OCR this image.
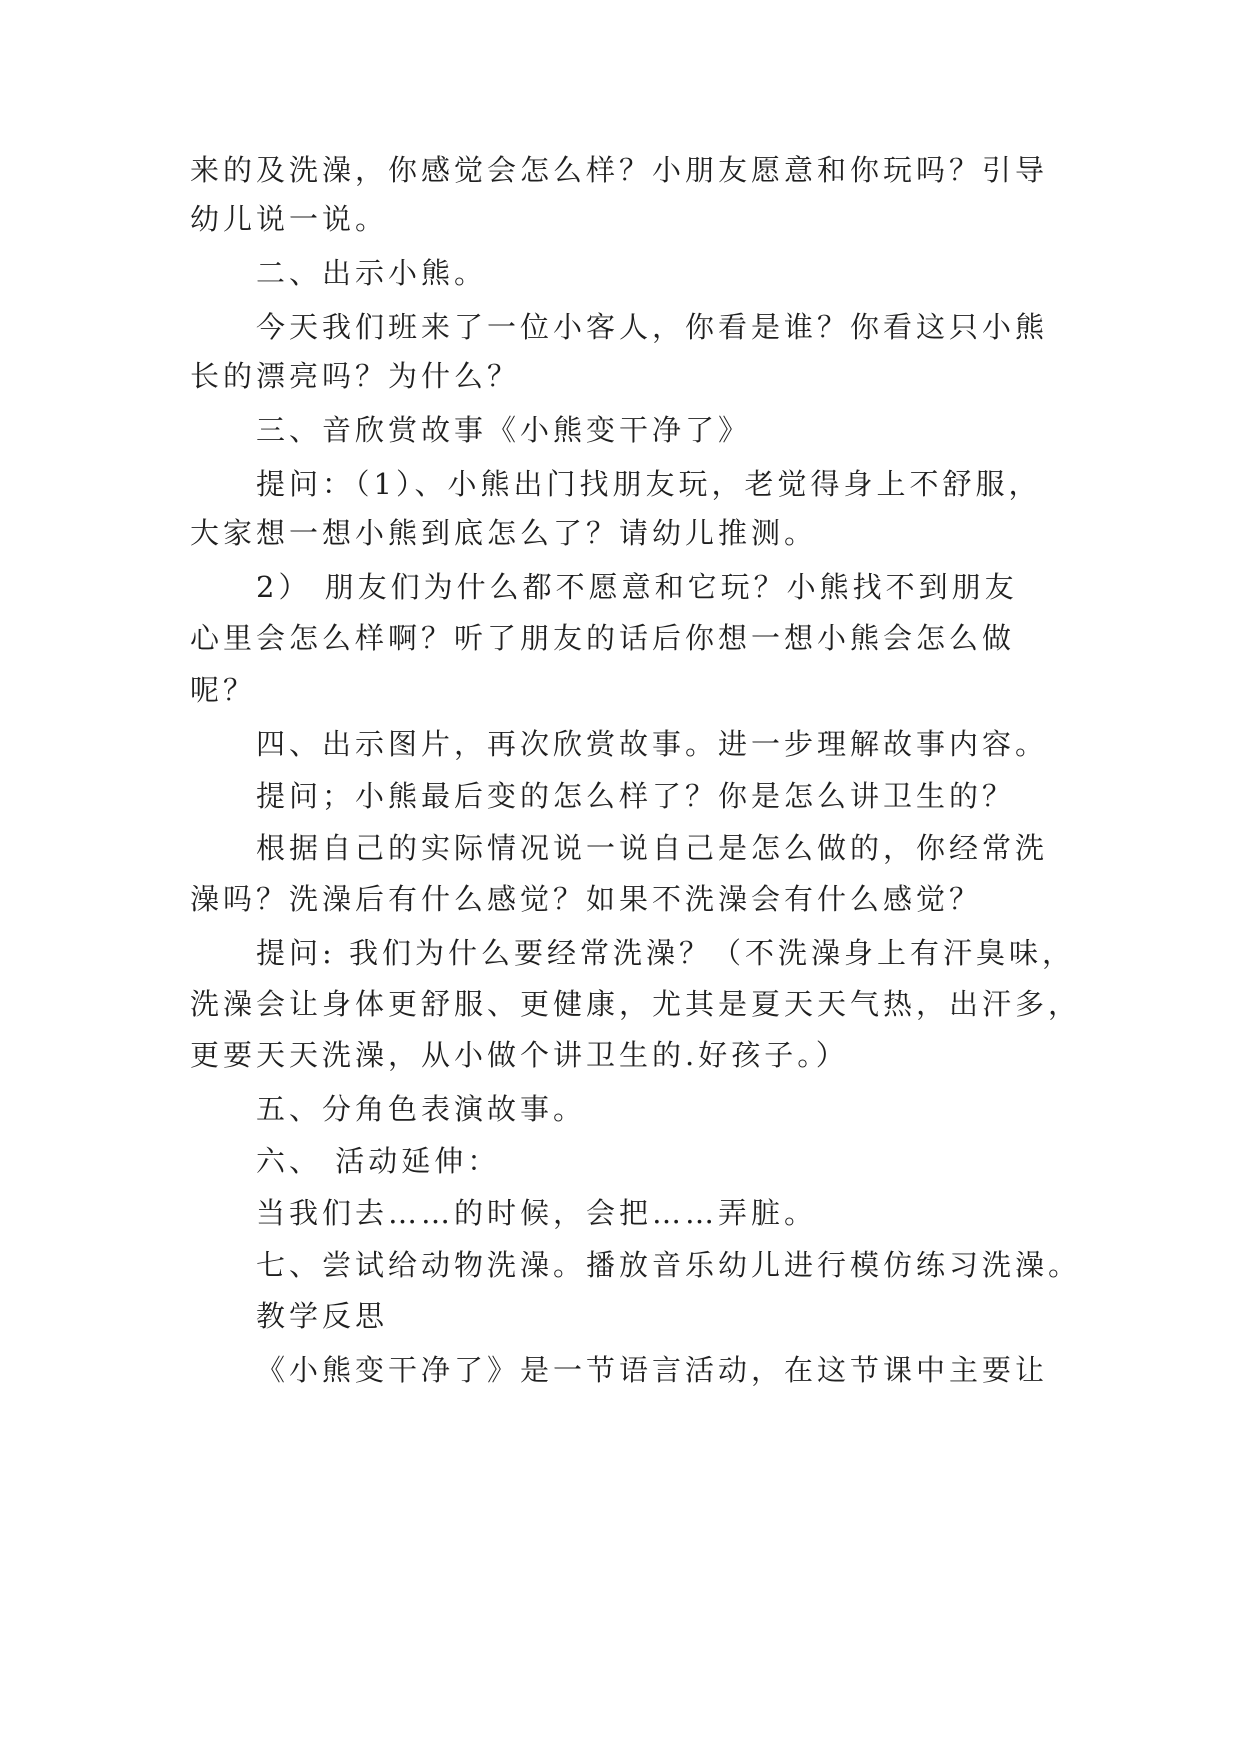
来的及洗澡，你感觉会怎么样？小朋友愿意和你玩吗？引导
幼儿说一说。
二、出示小熊。
今天我们班来了一位小客人，你看是谁？你看这只小熊
长的漂亮吗？为什么？
三、音欣赏故事《小熊变干净了》
提问：（1）、小熊出门找朋友玩，老觉得身上不舒服，
大家想一想小熊到底怎么了？请幼儿推测。
2） 朋友们为什么都不愿意和它玩？小熊找不到朋友
心里会怎么样啊？听了朋友的话后你想一想小熊会怎么做
呢？
四、出示图片，再次欣赏故事。进一步理解故事内容。
提问；小熊最后变的怎么样了？你是怎么讲卫生的？
根据自己的实际情况说一说自己是怎么做的，你经常洗
澡吗？洗澡后有什么感觉？如果不洗澡会有什么感觉？
提问: 我们为什么要经常洗澡？（不洗澡身上有汗臭味，
洗澡会让身体更舒服、更健康，尤其是夏天天气热，出汗多，
更要天天洗澡，从小做个讲卫生的.好孩子。）
五、分角色表演故事。
六、 活动延伸：
当我们去……的时候，会把……弄脏。
七、尝试给动物洗澡。播放音乐幼儿进行模仿练习洗澡。
教学反思
《小熊变干净了》是一节语言活动，在这节课中主要让
